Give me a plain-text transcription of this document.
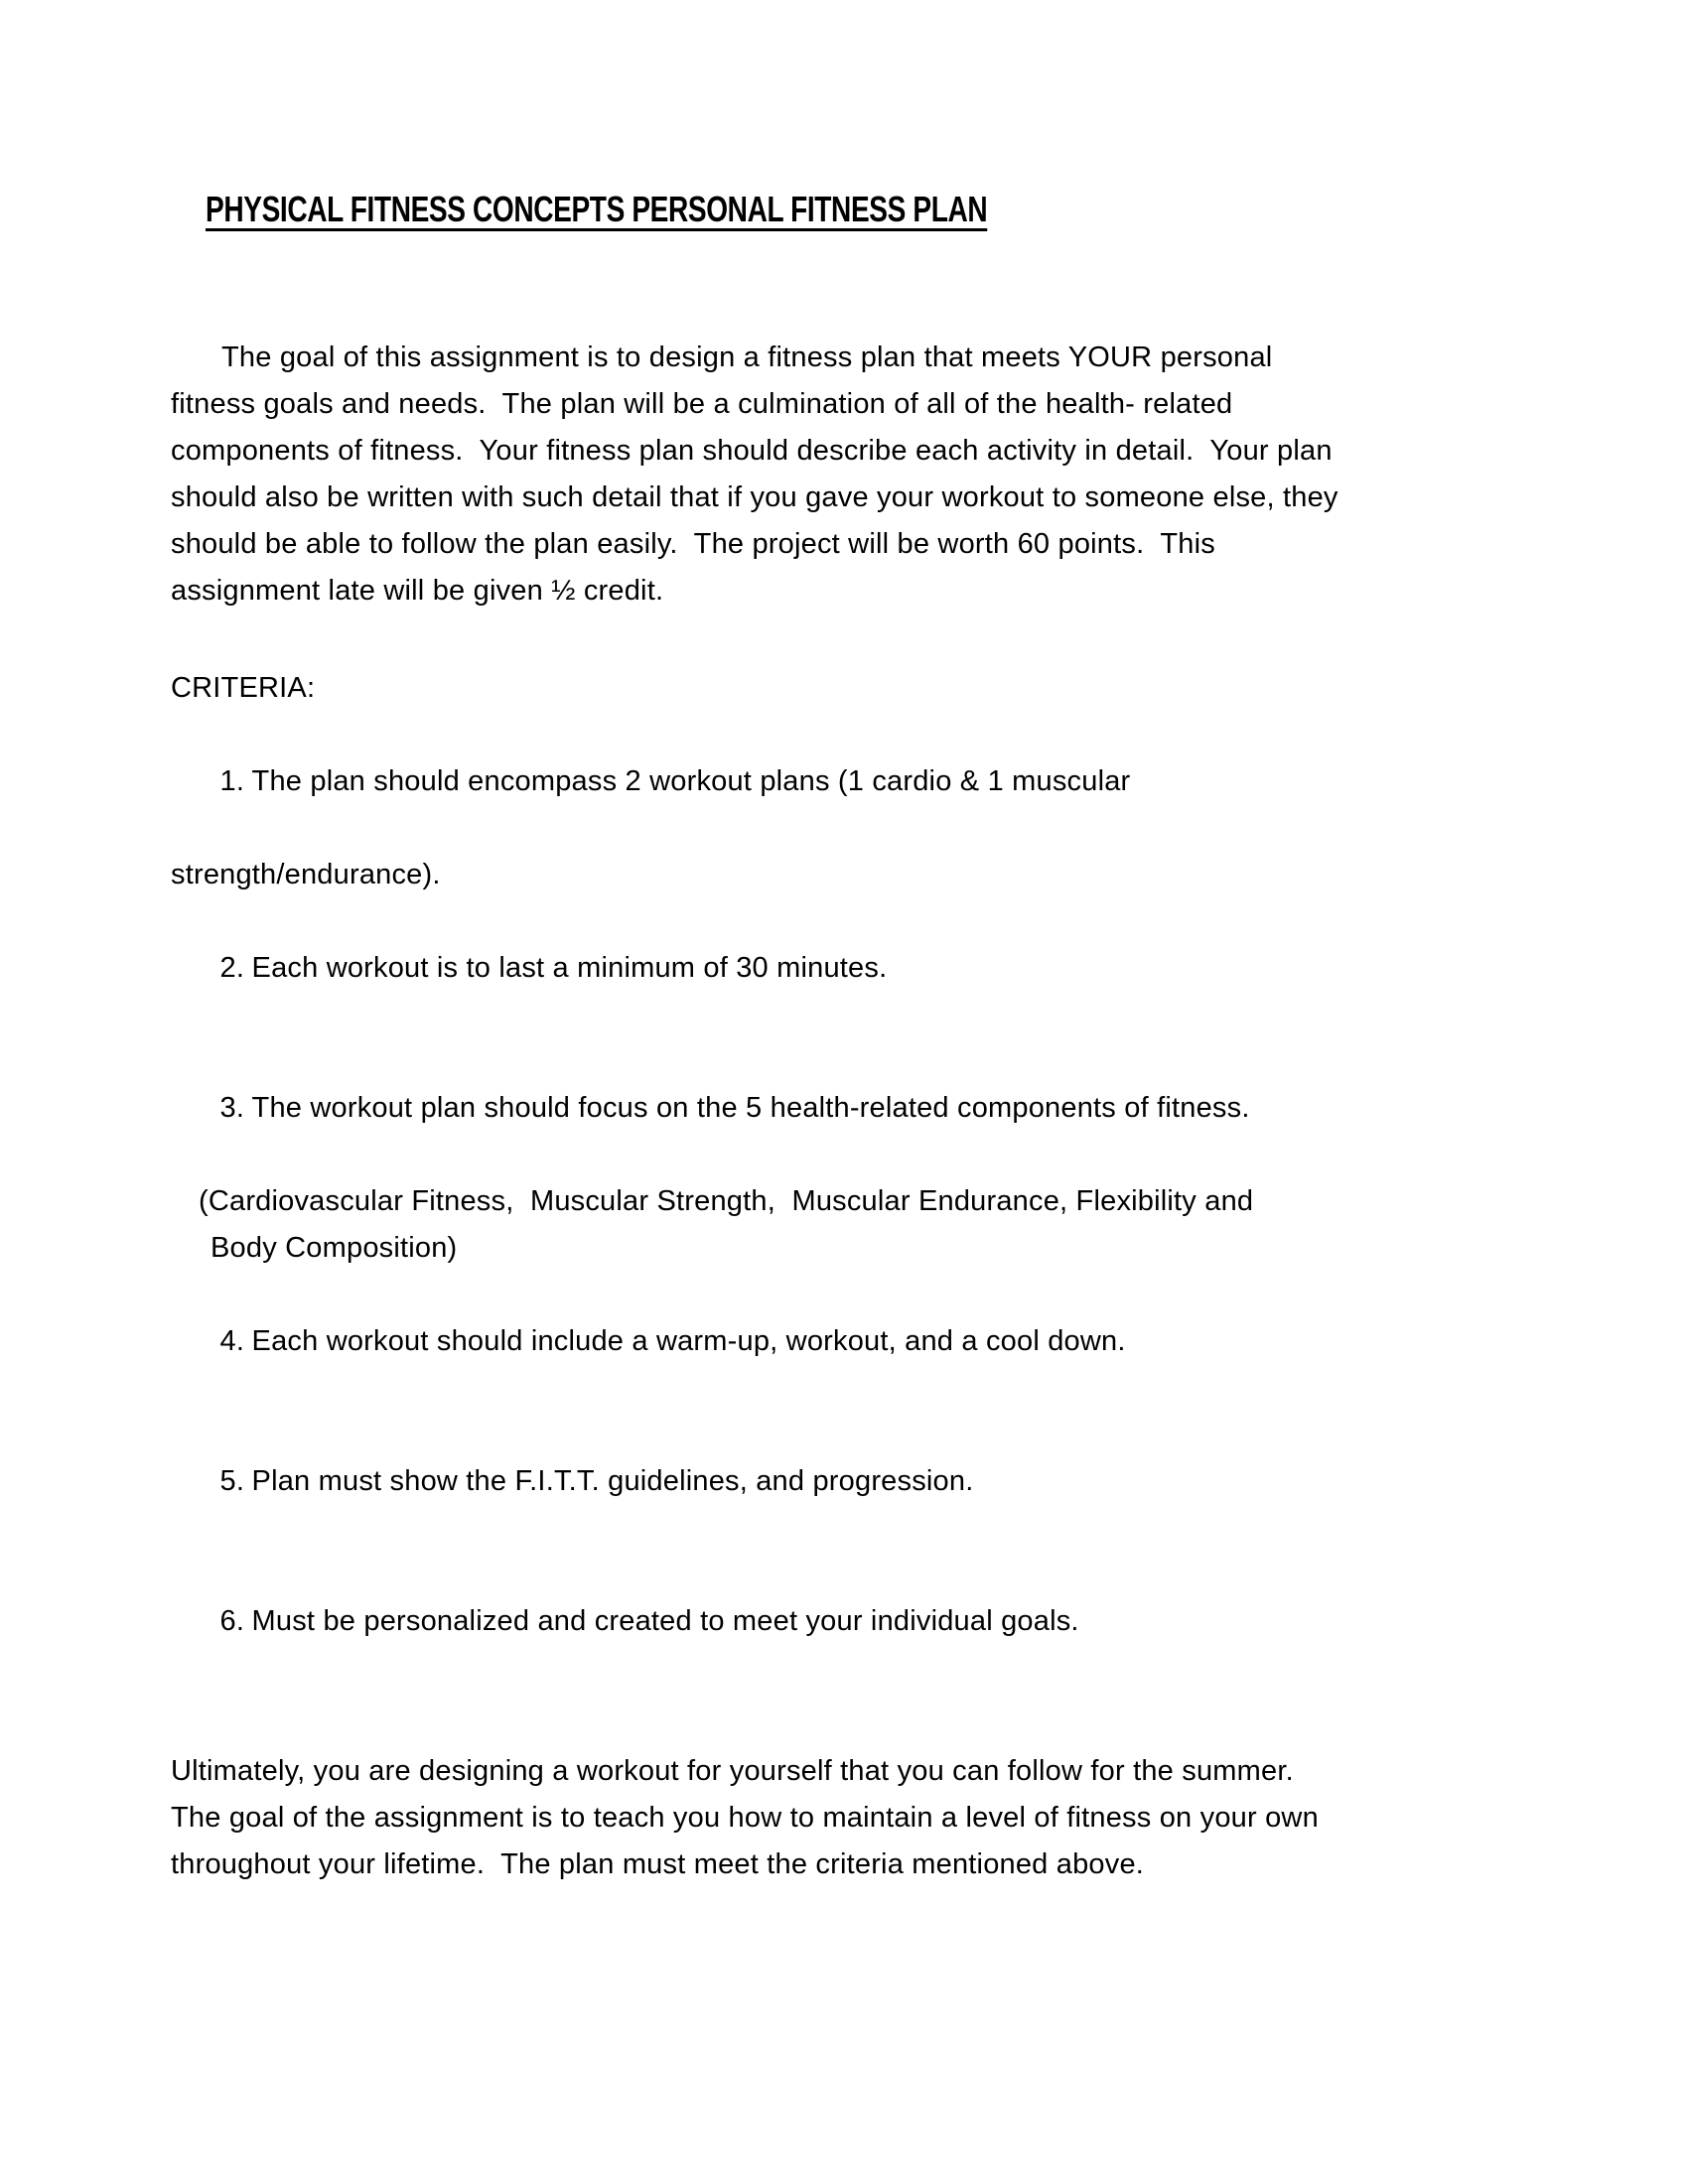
PHYSICAL FITNESS CONCEPTS PERSONAL FITNESS PLAN
The goal of this assignment is to design a fitness plan that meets YOUR personal
fitness goals and needs.  The plan will be a culmination of all of the health- related
components of fitness.  Your fitness plan should describe each activity in detail.  Your plan
should also be written with such detail that if you gave your workout to someone else, they
should be able to follow the plan easily.  The project will be worth 60 points.  This
assignment late will be given ½ credit.
CRITERIA:

1. The plan should encompass 2 workout plans (1 cardio & 1 muscular

strength/endurance).

2. Each workout is to last a minimum of 30 minutes.

3. The workout plan should focus on the 5 health-related components of fitness.

(Cardiovascular Fitness,  Muscular Strength,  Muscular Endurance, Flexibility and
Body Composition)

4. Each workout should include a warm-up, workout, and a cool down.

5. Plan must show the F.I.T.T. guidelines, and progression.

6. Must be personalized and created to meet your individual goals.

Ultimately, you are designing a workout for yourself that you can follow for the summer.
The goal of the assignment is to teach you how to maintain a level of fitness on your own
throughout your lifetime.  The plan must meet the criteria mentioned above.
